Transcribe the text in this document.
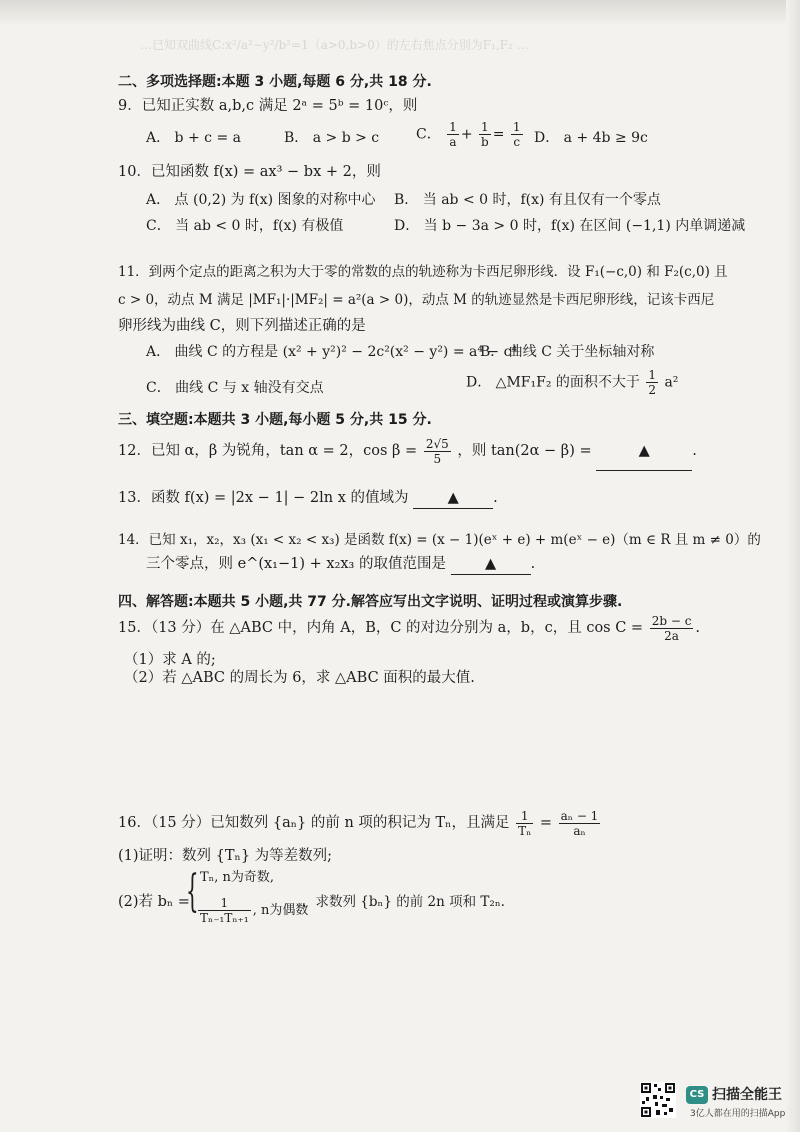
…已知双曲线C:x²/a²−y²/b²=1（a>0,b>0）的左右焦点分别为F₁,F₂ …
二、多项选择题:本题 3 小题,每题 6 分,共 18 分.
9．已知正实数 a,b,c 满足 2ᵃ = 5ᵇ = 10ᶜ，则
A． b + c = a	B． a > b > c	C． $\frac{1}{a} + \frac{1}{b} = \frac{1}{c}$ D． a + 4b ≥ 9c
10．已知函数 f(x) = ax³ − bx + 2，则
A． 点 (0,2) 为 f(x) 图象的对称中心 B． 当 ab < 0 时，f(x) 有且仅有一个零点
C． 当 ab < 0 时，f(x) 有极值	D． 当 b − 3a > 0 时，f(x) 在区间 (−1,1) 内单调递减
11．到两个定点的距离之积为大于零的常数的点的轨迹称为卡西尼卵形线．设 F₁(−c,0) 和 F₂(c,0) 且
c > 0，动点 M 满足 |MF₁|·|MF₂| = a²(a > 0)，动点 M 的轨迹显然是卡西尼卵形线，记该卡西尼
卵形线为曲线 C，则下列描述正确的是
A． 曲线 C 的方程是 (x² + y²)² − 2c²(x² − y²) = a⁴ − c⁴
B． 曲线 C 关于坐标轴对称
C． 曲线 C 与 x 轴没有交点	D． △MF₁F₂ 的面积不大于 $\frac{1}{2} a^2$
三、填空题:本题共 3 小题,每小题 5 分,共 15 分.
12．已知 α，β 为锐角，tan α = 2，$\cos \beta = \frac{2√5}{5}$ ，则 tan(2α − β) =	▲	.
13．函数 f(x) = |2x − 1| − 2ln x 的值域为	▲ .
14．已知 x₁，x₂，x₃ (x₁ < x₂ < x₃) 是函数 f(x) = (x − 1)(eˣ + e) + m(eˣ − e)（m ∈ R 且 m ≠ 0）的
三个零点，则 e^(x₁−1) + x₂x₃ 的取值范围是	▲ .
四、解答题:本题共 5 小题,共 77 分.解答应写出文字说明、证明过程或演算步骤.
15．（13 分）在 △ABC 中，内角 A，B，C 的对边分别为 a，b，c，且 $\cos C = \frac{2b - c}{2a}$ .
（1）求 A 的;
（2）若 △ABC 的周长为 6，求 △ABC 面积的最大值.
16．（15 分）已知数列 {aₙ} 的前 n 项的积记为 Tₙ，且满足 $\frac{1}{\text{Tₙ}} = \frac{\text{aₙ − 1}}{\text{aₙ}}$
(1)证明：数列 {Tₙ} 为等差数列;
(2)若 bₙ =
{ Tₙ, n为奇数,
$\frac{1}{\text{Tₙ₋₁Tₙ₊₁}}$ , n为偶数
，求数列 {bₙ} 的前 2n 项和 T₂ₙ.
CS 扫描全能王
3亿人都在用的扫描App
